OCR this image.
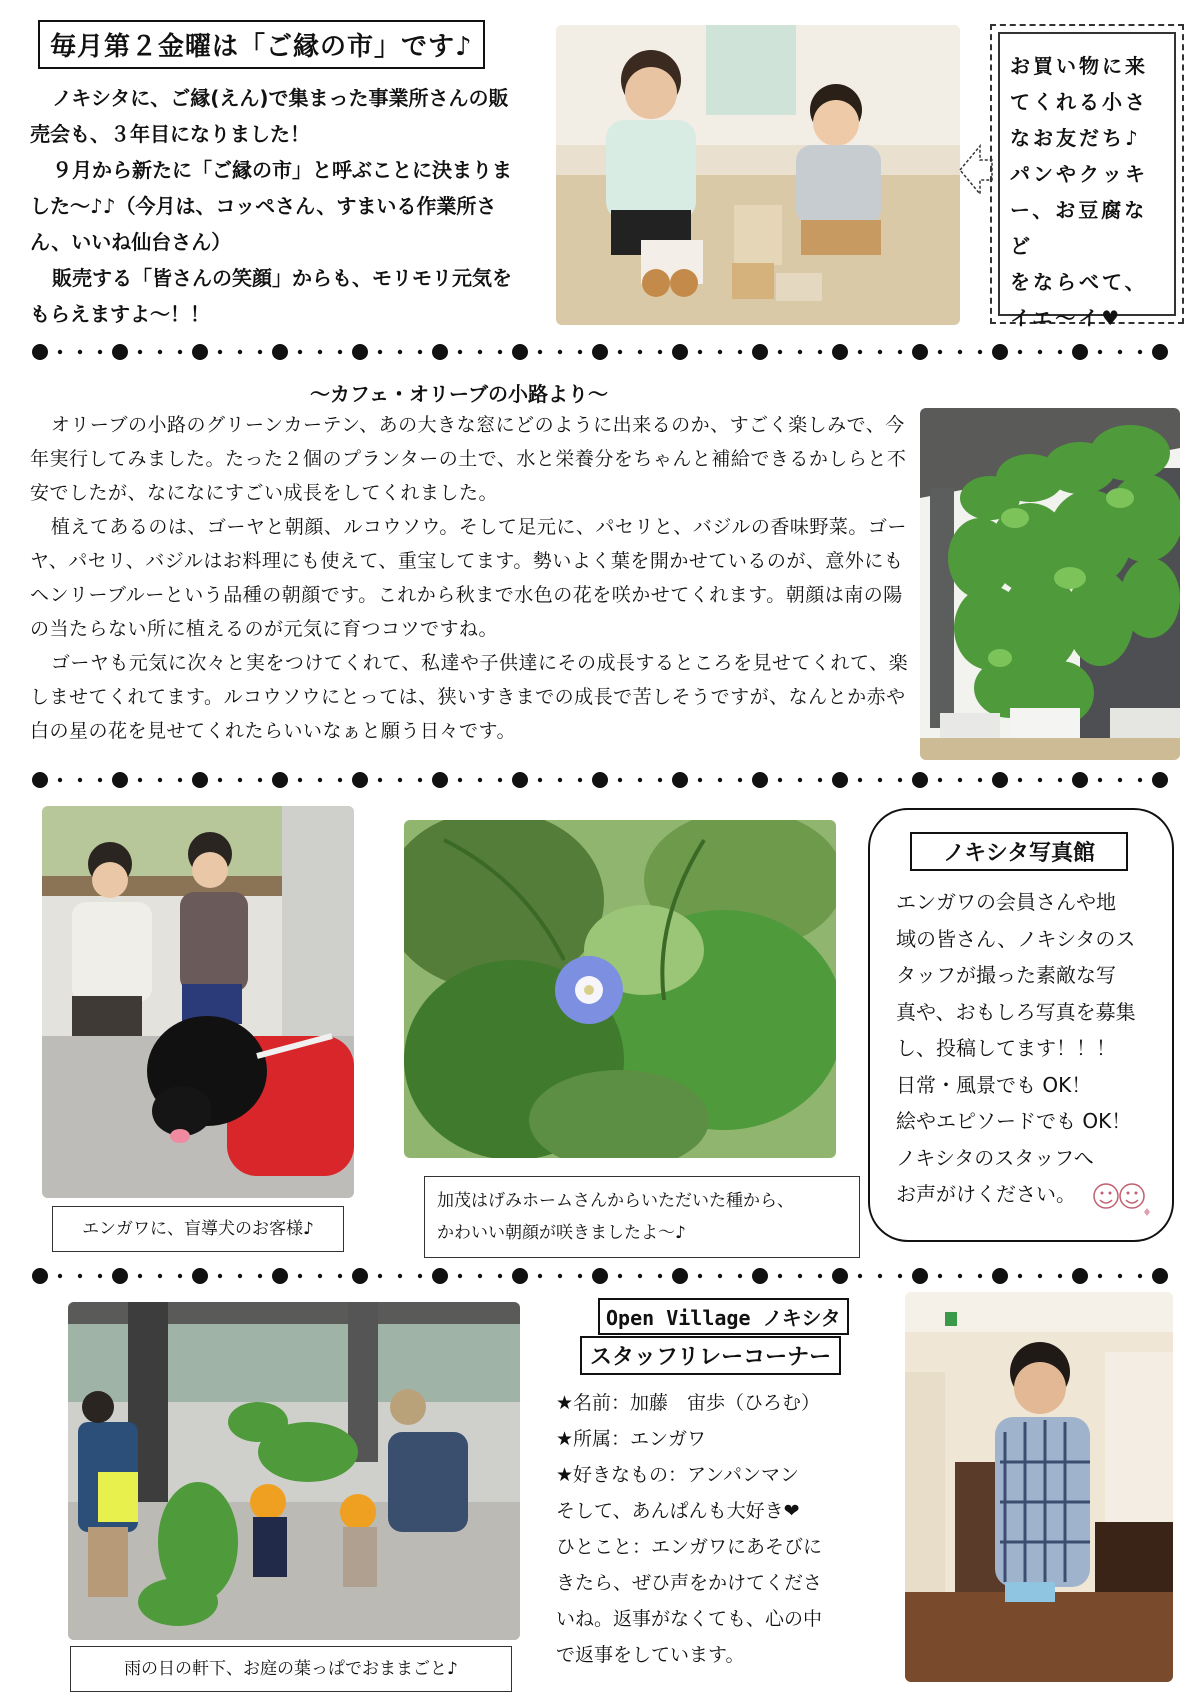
毎月第２金曜は「ご縁の市」です♪

ノキシタに、ご縁(えん)で集まった事業所さんの販売会も、３年目になりました！

９月から新たに「ご縁の市」と呼ぶことに決まりました〜♪♪（今月は、コッペさん、すまいる作業所さん、いいね仙台さん）

販売する「皆さんの笑顔」からも、モリモリ元気をもらえますよ〜！！

お買い物に来
てくれる小さ
なお友だち♪
パンやクッキ
ー、お豆腐など
をならべて、
イエ〜イ♥
〜カフェ・オリーブの小路より〜

オリーブの小路のグリーンカーテン、あの大きな窓にどのように出来るのか、すごく楽しみで、今年実行してみました。たった２個のプランターの土で、水と栄養分をちゃんと補給できるかしらと不安でしたが、なになにすごい成長をしてくれました。

植えてあるのは、ゴーヤと朝顔、ルコウソウ。そして足元に、パセリと、バジルの香味野菜。ゴーヤ、パセリ、バジルはお料理にも使えて、重宝してます。勢いよく葉を開かせているのが、意外にもヘンリーブルーという品種の朝顔です。これから秋まで水色の花を咲かせてくれます。朝顔は南の陽の当たらない所に植えるのが元気に育つコツですね。

ゴーヤも元気に次々と実をつけてくれて、私達や子供達にその成長するところを見せてくれて、楽しませてくれてます。ルコウソウにとっては、狭いすきまでの成長で苦しそうですが、なんとか赤や白の星の花を見せてくれたらいいなぁと願う日々です。

エンガワに、盲導犬のお客様♪
加茂はげみホームさんからいただいた種から、
かわいい朝顔が咲きましたよ〜♪
ノキシタ写真館
エンガワの会員さんや地
域の皆さん、ノキシタのス
タッフが撮った素敵な写
真や、おもしろ写真を募集
し、投稿してます！！！
日常・風景でも OK！
絵やエピソードでも OK！
ノキシタのスタッフへ
お声がけください。
雨の日の軒下、お庭の葉っぱでおままごと♪
Open Village ノキシタ
スタッフリレーコーナー
★名前：加藤　宙歩（ひろむ）
★所属：エンガワ
★好きなもの：アンパンマン
そして、あんぱんも大好き❤
ひとこと：エンガワにあそびに
きたら、ぜひ声をかけてくださ
いね。返事がなくても、心の中
で返事をしています。
